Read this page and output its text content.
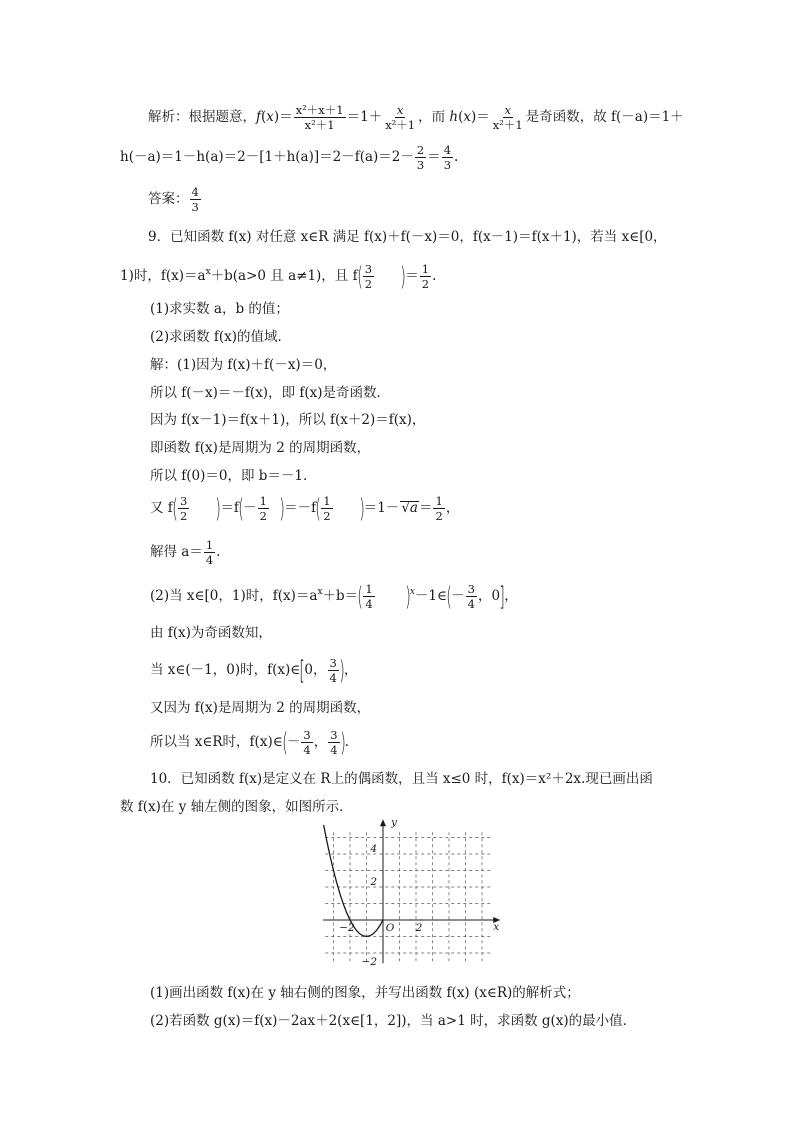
解析：根据题意，$f(x)= \frac{\text{x²＋x＋1}}{\text{x²＋1}} =1+ \frac{x}{\text{x²＋1}}$ ，而 $h(x)= \frac{x}{\text{x²＋1}}$ 是奇函数，故 f(－a)＝1＋
$h(-a)=1-h(a)=2-[1+h(a)]=2-f(a)=2- \frac{2}{3} = \frac{4}{3}$ .
答案： $\frac{4}{3}$
9．已知函数 f(x) 对任意 x∈R 满足 f(x)＋f(－x)＝0，f(x－1)＝f(x＋1)，若当 x∈[0，
1)时，$f(x)=a^x+b(a>0$ 且 a≠1)，且 $f( \frac{3}{2}$ )＝ $\frac{1}{2}$ .
(1)求实数 a，b 的值；
(2)求函数 f(x)的值域．
解：(1)因为 f(x)＋f(－x)＝0，
所以 f(－x)＝－f(x)，即 f(x)是奇函数．
因为 f(x－1)＝f(x＋1)，所以 f(x＋2)＝f(x)，
即函数 f(x)是周期为 2 的周期函数，
所以 f(0)＝0，即 b＝－1.
又 $f( \frac{3}{2} )=f(- \frac{1}{2} )=-f( \frac{1}{2} )=1- √a= \frac{1}{2}$ ，
解得 $a= \frac{1}{4}$ .
(2)当 x∈[0，1)时，$f(x)=a^x+b=( \frac{1}{4}$ )$^x-1\in(- \frac{3}{4}$ ，0]，
由 f(x)为奇函数知，
当 x∈(－1，0)时，f(x)∈[0， $\frac{3}{4}$ )，
又因为 f(x)是周期为 2 的周期函数，
所以当 x∈R时，f(x)∈(－ $\frac{3}{4}$ ， $\frac{3}{4}$ ).
10．已知函数 f(x)是定义在 R上的偶函数，且当 x≤0 时，f(x)＝x²＋2x.现已画出函
数 f(x)在 y 轴左侧的图象，如图所示．
x
y
O
−2	2
4
2
−2
(1)画出函数 f(x)在 y 轴右侧的图象，并写出函数 f(x) (x∈R)的解析式；
(2)若函数 g(x)＝f(x)－2ax＋2(x∈[1，2])，当 a>1 时，求函数 g(x)的最小值．
